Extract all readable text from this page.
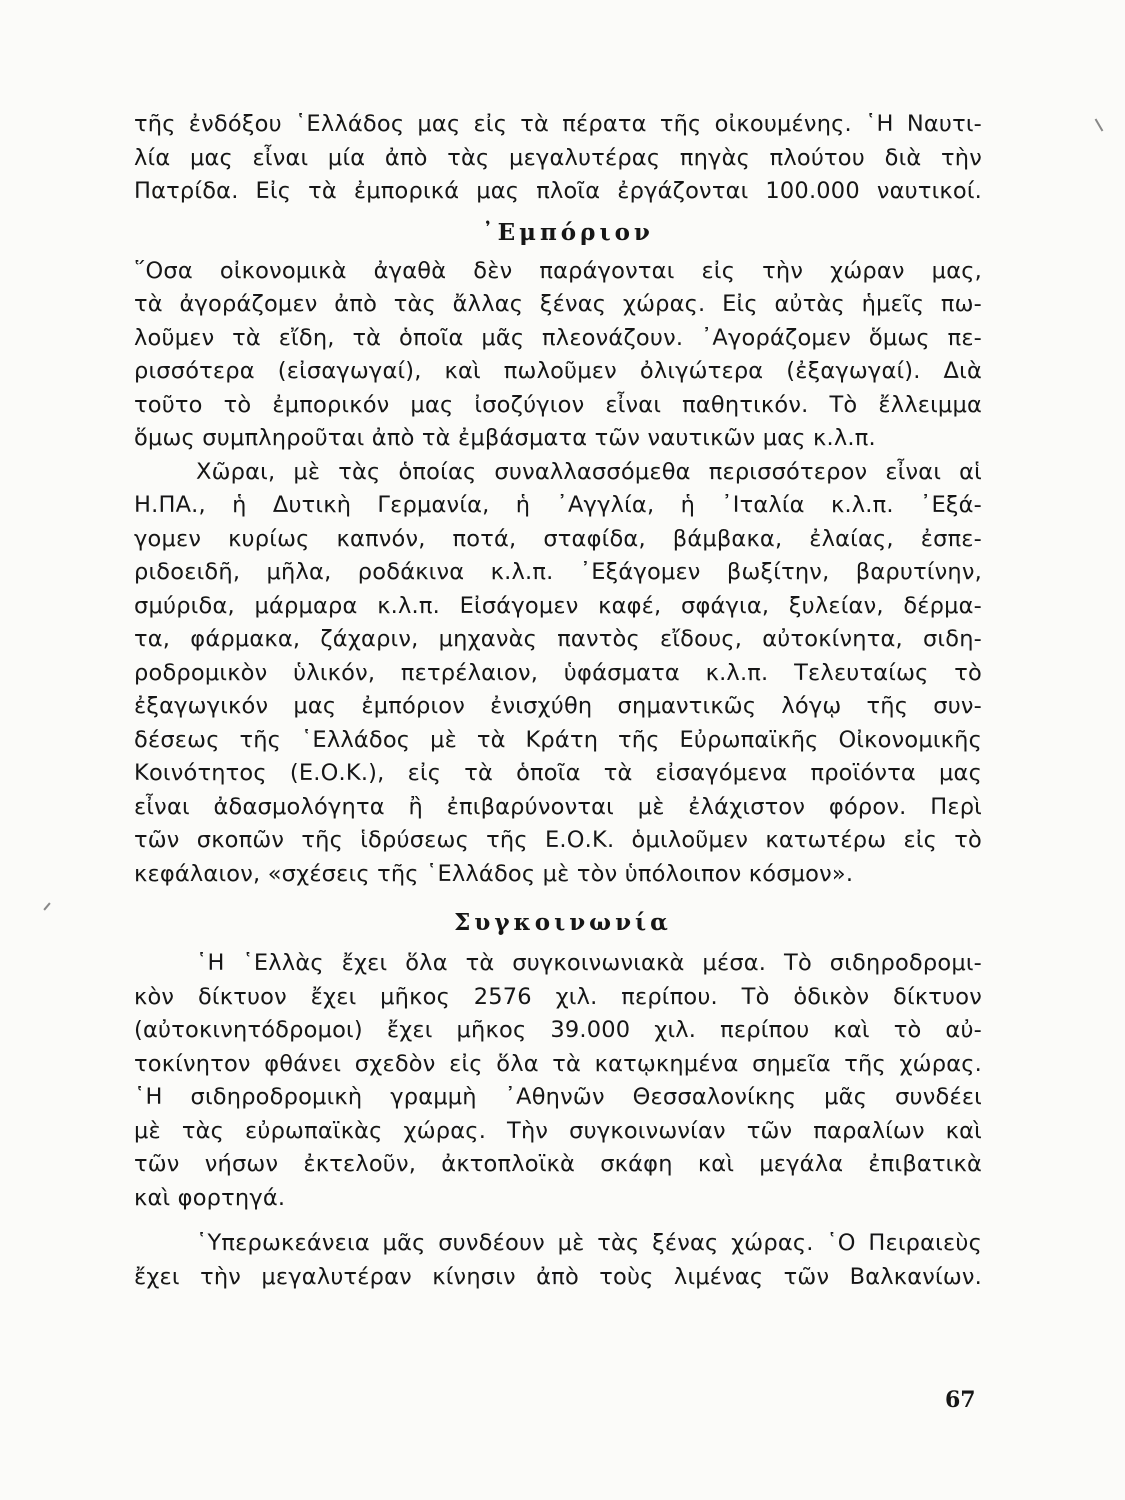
τῆς ἐνδόξου ῾Ελλάδος μας εἰς τὰ πέρατα τῆς οἰκουμένης. ῾Η Ναυτι-
λία μας εἶναι μία ἀπὸ τὰς μεγαλυτέρας πηγὰς πλούτου διὰ τὴν
Πατρίδα. Εἰς τὰ ἐμπορικά μας πλοῖα ἐργάζονται 100.000 ναυτικοί.
᾿Εμπόριον
῞Οσα οἰκονομικὰ ἀγαθὰ δὲν παράγονται εἰς τὴν χώραν μας,
τὰ ἀγοράζομεν ἀπὸ τὰς ἄλλας ξένας χώρας. Εἰς αὐτὰς ἡμεῖς πω-
λοῦμεν τὰ εἴδη, τὰ ὁποῖα μᾶς πλεονάζουν. ᾿Αγοράζομεν ὅμως πε-
ρισσότερα (εἰσαγωγαί), καὶ πωλοῦμεν ὀλιγώτερα (ἐξαγωγαί). Διὰ
τοῦτο τὸ ἐμπορικόν μας ἰσοζύγιον εἶναι παθητικόν. Τὸ ἔλλειμμα
ὅμως συμπληροῦται ἀπὸ τὰ ἐμβάσματα τῶν ναυτικῶν μας κ.λ.π.
Χῶραι, μὲ τὰς ὁποίας συναλλασσόμεθα περισσότερον εἶναι αἱ
Η.ΠΑ., ἡ Δυτικὴ Γερμανία, ἡ ᾿Αγγλία, ἡ ᾿Ιταλία κ.λ.π. ᾿Εξά-
γομεν κυρίως καπνόν, ποτά, σταφίδα, βάμβακα, ἐλαίας, ἐσπε-
ριδοειδῆ, μῆλα, ροδάκινα κ.λ.π. ᾿Εξάγομεν βωξίτην, βαρυτίνην,
σμύριδα, μάρμαρα κ.λ.π. Εἰσάγομεν καφέ, σφάγια, ξυλείαν, δέρμα-
τα, φάρμακα, ζάχαριν, μηχανὰς παντὸς εἴδους, αὐτοκίνητα, σιδη-
ροδρομικὸν ὑλικόν, πετρέλαιον, ὑφάσματα κ.λ.π. Τελευταίως τὸ
ἐξαγωγικόν μας ἐμπόριον ἐνισχύθη σημαντικῶς λόγῳ τῆς συν-
δέσεως τῆς ῾Ελλάδος μὲ τὰ Κράτη τῆς Εὐρωπαϊκῆς Οἰκονομικῆς
Κοινότητος (Ε.Ο.Κ.), εἰς τὰ ὁποῖα τὰ εἰσαγόμενα προϊόντα μας
εἶναι ἀδασμολόγητα ἢ ἐπιβαρύνονται μὲ ἐλάχιστον φόρον. Περὶ
τῶν σκοπῶν τῆς ἱδρύσεως τῆς Ε.Ο.Κ. ὁμιλοῦμεν κατωτέρω εἰς τὸ
κεφάλαιον, «σχέσεις τῆς ῾Ελλάδος μὲ τὸν ὑπόλοιπον κόσμον».
Συγκοινωνία
῾Η ῾Ελλὰς ἔχει ὅλα τὰ συγκοινωνιακὰ μέσα. Τὸ σιδηροδρομι-
κὸν δίκτυον ἔχει μῆκος 2576 χιλ. περίπου. Τὸ ὁδικὸν δίκτυον
(αὐτοκινητόδρομοι) ἔχει μῆκος 39.000 χιλ. περίπου καὶ τὸ αὐ-
τοκίνητον φθάνει σχεδὸν εἰς ὅλα τὰ κατῳκημένα σημεῖα τῆς χώρας.
῾Η σιδηροδρομικὴ γραμμὴ ᾿Αθηνῶν Θεσσαλονίκης μᾶς συνδέει
μὲ τὰς εὐρωπαϊκὰς χώρας. Τὴν συγκοινωνίαν τῶν παραλίων καὶ
τῶν νήσων ἐκτελοῦν, ἀκτοπλοϊκὰ σκάφη καὶ μεγάλα ἐπιβατικὰ
καὶ φορτηγά.
῾Υπερωκεάνεια μᾶς συνδέουν μὲ τὰς ξένας χώρας. ῾Ο Πειραιεὺς
ἔχει τὴν μεγαλυτέραν κίνησιν ἀπὸ τοὺς λιμένας τῶν Βαλκανίων.
67
